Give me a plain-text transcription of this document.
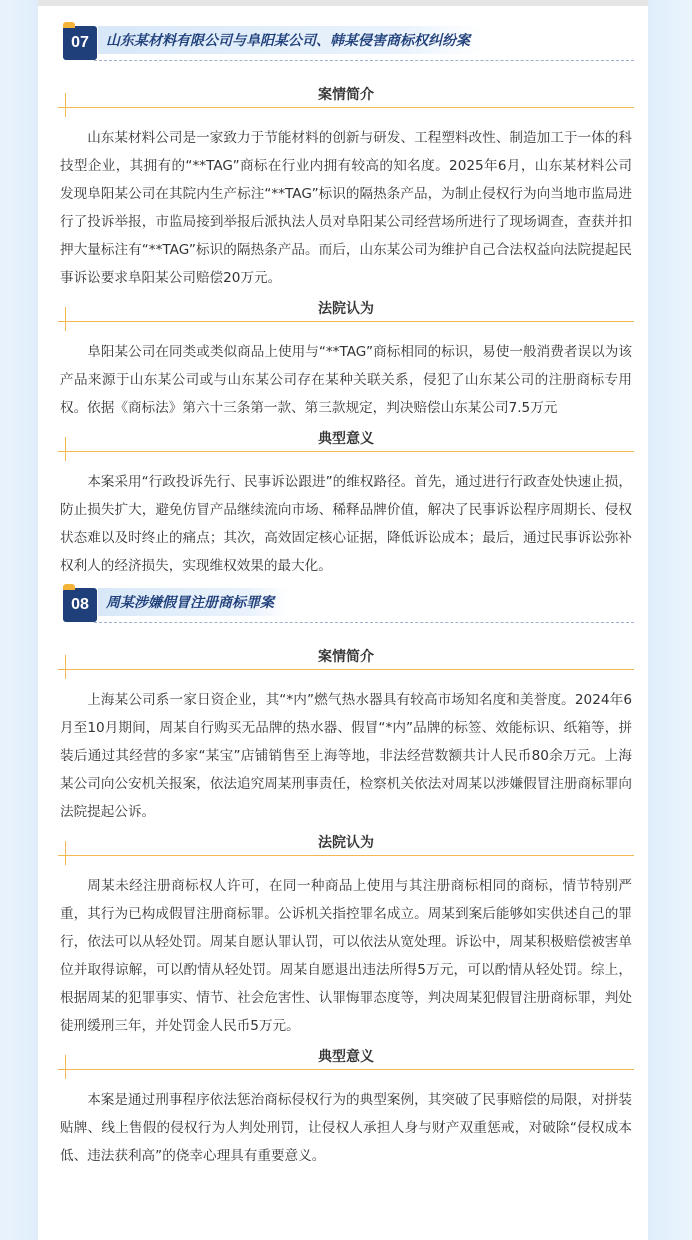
07	山东某材料有限公司与阜阳某公司、韩某侵害商标权纠纷案
案情简介

山东某材料公司是一家致力于节能材料的创新与研发、工程塑料改性、制造加工于一体的科技型企业，其拥有的“**TAG”商标在行业内拥有较高的知名度。2025年6月，山东某材料公司发现阜阳某公司在其院内生产标注“**TAG”标识的隔热条产品，为制止侵权行为向当地市监局进行了投诉举报，市监局接到举报后派执法人员对阜阳某公司经营场所进行了现场调查，查获并扣押大量标注有“**TAG”标识的隔热条产品。而后，山东某公司为维护自己合法权益向法院提起民事诉讼要求阜阳某公司赔偿20万元。

法院认为

阜阳某公司在同类或类似商品上使用与“**TAG”商标相同的标识，易使一般消费者误以为该产品来源于山东某公司或与山东某公司存在某种关联关系，侵犯了山东某公司的注册商标专用权。依据《商标法》第六十三条第一款、第三款规定，判决赔偿山东某公司7.5万元

典型意义

本案采用“行政投诉先行、民事诉讼跟进”的维权路径。首先，通过进行行政查处快速止损，防止损失扩大，避免仿冒产品继续流向市场、稀释品牌价值，解决了民事诉讼程序周期长、侵权状态难以及时终止的痛点；其次，高效固定核心证据，降低诉讼成本；最后，通过民事诉讼弥补权利人的经济损失，实现维权效果的最大化。

08	周某涉嫌假冒注册商标罪案
案情简介

上海某公司系一家日资企业，其“*内”燃气热水器具有较高市场知名度和美誉度。2024年6月至10月期间，周某自行购买无品牌的热水器、假冒“*内”品牌的标签、效能标识、纸箱等，拼装后通过其经营的多家“某宝”店铺销售至上海等地，非法经营数额共计人民币80余万元。上海某公司向公安机关报案，依法追究周某刑事责任，检察机关依法对周某以涉嫌假冒注册商标罪向法院提起公诉。

法院认为

周某未经注册商标权人许可，在同一种商品上使用与其注册商标相同的商标，情节特别严重，其行为已构成假冒注册商标罪。公诉机关指控罪名成立。周某到案后能够如实供述自己的罪行，依法可以从轻处罚。周某自愿认罪认罚，可以依法从宽处理。诉讼中，周某积极赔偿被害单位并取得谅解，可以酌情从轻处罚。周某自愿退出违法所得5万元，可以酌情从轻处罚。综上，根据周某的犯罪事实、情节、社会危害性、认罪悔罪态度等，判决周某犯假冒注册商标罪，判处徒刑缓刑三年，并处罚金人民币5万元。

典型意义

本案是通过刑事程序依法惩治商标侵权行为的典型案例，其突破了民事赔偿的局限，对拼装贴牌、线上售假的侵权行为人判处刑罚，让侵权人承担人身与财产双重惩戒，对破除“侵权成本低、违法获利高”的侥幸心理具有重要意义。
